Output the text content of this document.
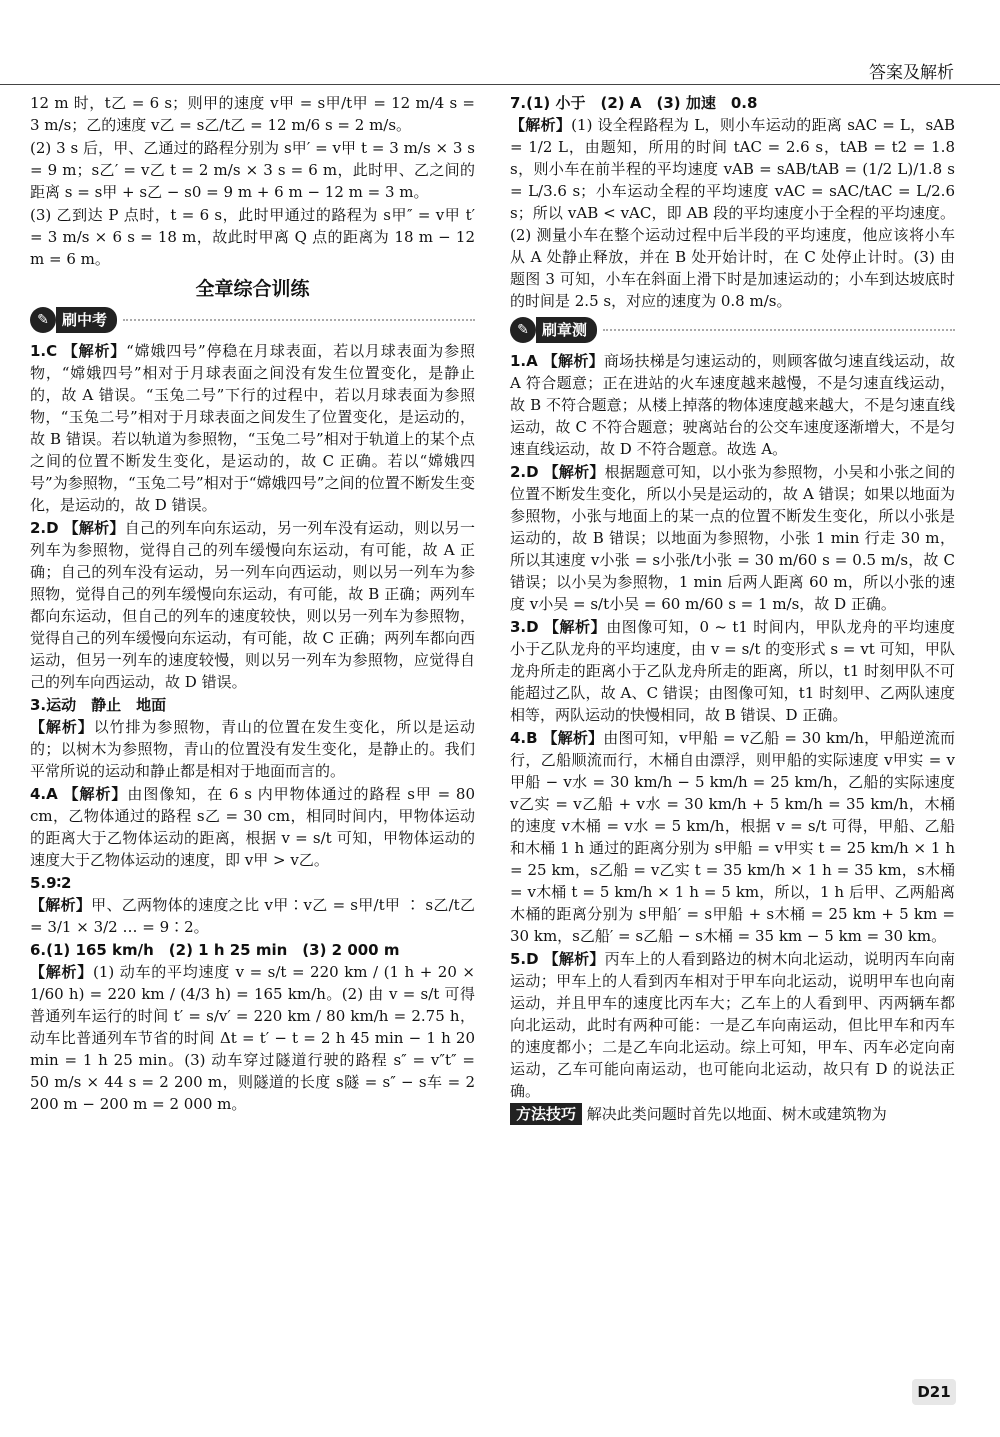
答案及解析

12 m 时，t乙 = 6 s；则甲的速度 v甲 = s甲/t甲 = 12 m/4 s = 3 m/s；乙的速度 v乙 = s乙/t乙 = 12 m/6 s = 2 m/s。

(2) 3 s 后，甲、乙通过的路程分别为 s甲′ = v甲 t = 3 m/s × 3 s = 9 m；s乙′ = v乙 t = 2 m/s × 3 s = 6 m，此时甲、乙之间的距离 s = s甲 + s乙 − s0 = 9 m + 6 m − 12 m = 3 m。

(3) 乙到达 P 点时，t = 6 s，此时甲通过的路程为 s甲″ = v甲 t′ = 3 m/s × 6 s = 18 m，故此时甲离 Q 点的距离为 18 m − 12 m = 6 m。

全章综合训练
✎ 刷中考

1.C 【解析】“嫦娥四号”停稳在月球表面，若以月球表面为参照物，“嫦娥四号”相对于月球表面之间没有发生位置变化，是静止的，故 A 错误。“玉兔二号”下行的过程中，若以月球表面为参照物，“玉兔二号”相对于月球表面之间发生了位置变化，是运动的，故 B 错误。若以轨道为参照物，“玉兔二号”相对于轨道上的某个点之间的位置不断发生变化，是运动的，故 C 正确。若以“嫦娥四号”为参照物，“玉兔二号”相对于“嫦娥四号”之间的位置不断发生变化，是运动的，故 D 错误。

2.D 【解析】自己的列车向东运动，另一列车没有运动，则以另一列车为参照物，觉得自己的列车缓慢向东运动，有可能，故 A 正确；自己的列车没有运动，另一列车向西运动，则以另一列车为参照物，觉得自己的列车缓慢向东运动，有可能，故 B 正确；两列车都向东运动，但自己的列车的速度较快，则以另一列车为参照物，觉得自己的列车缓慢向东运动，有可能，故 C 正确；两列车都向西运动，但另一列车的速度较慢，则以另一列车为参照物，应觉得自己的列车向西运动，故 D 错误。

3.运动　静止　地面
【解析】以竹排为参照物，青山的位置在发生变化，所以是运动的；以树木为参照物，青山的位置没有发生变化，是静止的。我们平常所说的运动和静止都是相对于地面而言的。

4.A 【解析】由图像知，在 6 s 内甲物体通过的路程 s甲 = 80 cm，乙物体通过的路程 s乙 = 30 cm，相同时间内，甲物体运动的距离大于乙物体运动的距离，根据 v = s/t 可知，甲物体运动的速度大于乙物体运动的速度，即 v甲 > v乙。

5.9∶2
【解析】甲、乙两物体的速度之比 v甲∶v乙 = s甲/t甲 ∶ s乙/t乙 = 3/1 × 3/2 … = 9∶2。

6.(1) 165 km/h　(2) 1 h 25 min　(3) 2 000 m
【解析】(1) 动车的平均速度 v = s/t = 220 km / (1 h + 20 × 1/60 h) = 220 km / (4/3 h) = 165 km/h。(2) 由 v = s/t 可得普通列车运行的时间 t′ = s/v′ = 220 km / 80 km/h = 2.75 h，动车比普通列车节省的时间 Δt = t′ − t = 2 h 45 min − 1 h 20 min = 1 h 25 min。(3) 动车穿过隧道行驶的路程 s″ = v″t″ = 50 m/s × 44 s = 2 200 m，则隧道的长度 s隧 = s″ − s车 = 2 200 m − 200 m = 2 000 m。

7.(1) 小于　(2) A　(3) 加速　0.8
【解析】(1) 设全程路程为 L，则小车运动的距离 sAC = L，sAB = 1/2 L，由题知，所用的时间 tAC = 2.6 s，tAB = t2 = 1.8 s，则小车在前半程的平均速度 vAB = sAB/tAB = (1/2 L)/1.8 s = L/3.6 s；小车运动全程的平均速度 vAC = sAC/tAC = L/2.6 s；所以 vAB < vAC，即 AB 段的平均速度小于全程的平均速度。(2) 测量小车在整个运动过程中后半段的平均速度，他应该将小车从 A 处静止释放，并在 B 处开始计时，在 C 处停止计时。(3) 由题图 3 可知，小车在斜面上滑下时是加速运动的；小车到达坡底时的时间是 2.5 s，对应的速度为 0.8 m/s。

✎ 刷章测

1.A 【解析】商场扶梯是匀速运动的，则顾客做匀速直线运动，故 A 符合题意；正在进站的火车速度越来越慢，不是匀速直线运动，故 B 不符合题意；从楼上掉落的物体速度越来越大，不是匀速直线运动，故 C 不符合题意；驶离站台的公交车速度逐渐增大，不是匀速直线运动，故 D 不符合题意。故选 A。

2.D 【解析】根据题意可知，以小张为参照物，小吴和小张之间的位置不断发生变化，所以小吴是运动的，故 A 错误；如果以地面为参照物，小张与地面上的某一点的位置不断发生变化，所以小张是运动的，故 B 错误；以地面为参照物，小张 1 min 行走 30 m，所以其速度 v小张 = s小张/t小张 = 30 m/60 s = 0.5 m/s，故 C 错误；以小吴为参照物，1 min 后两人距离 60 m，所以小张的速度 v小吴 = s/t小吴 = 60 m/60 s = 1 m/s，故 D 正确。

3.D 【解析】由图像可知，0 ~ t1 时间内，甲队龙舟的平均速度小于乙队龙舟的平均速度，由 v = s/t 的变形式 s = vt 可知，甲队龙舟所走的距离小于乙队龙舟所走的距离，所以，t1 时刻甲队不可能超过乙队，故 A、C 错误；由图像可知，t1 时刻甲、乙两队速度相等，两队运动的快慢相同，故 B 错误、D 正确。

4.B 【解析】由图可知，v甲船 = v乙船 = 30 km/h，甲船逆流而行，乙船顺流而行，木桶自由漂浮，则甲船的实际速度 v甲实 = v甲船 − v水 = 30 km/h − 5 km/h = 25 km/h，乙船的实际速度 v乙实 = v乙船 + v水 = 30 km/h + 5 km/h = 35 km/h，木桶的速度 v木桶 = v水 = 5 km/h，根据 v = s/t 可得，甲船、乙船和木桶 1 h 通过的距离分别为 s甲船 = v甲实 t = 25 km/h × 1 h = 25 km，s乙船 = v乙实 t = 35 km/h × 1 h = 35 km，s木桶 = v木桶 t = 5 km/h × 1 h = 5 km，所以，1 h 后甲、乙两船离木桶的距离分别为 s甲船′ = s甲船 + s木桶 = 25 km + 5 km = 30 km，s乙船′ = s乙船 − s木桶 = 35 km − 5 km = 30 km。

5.D 【解析】丙车上的人看到路边的树木向北运动，说明丙车向南运动；甲车上的人看到丙车相对于甲车向北运动，说明甲车也向南运动，并且甲车的速度比丙车大；乙车上的人看到甲、丙两辆车都向北运动，此时有两种可能：一是乙车向南运动，但比甲车和丙车的速度都小；二是乙车向北运动。综上可知，甲车、丙车必定向南运动，乙车可能向南运动，也可能向北运动，故只有 D 的说法正确。

方法技巧 解决此类问题时首先以地面、树木或建筑物为

D21
